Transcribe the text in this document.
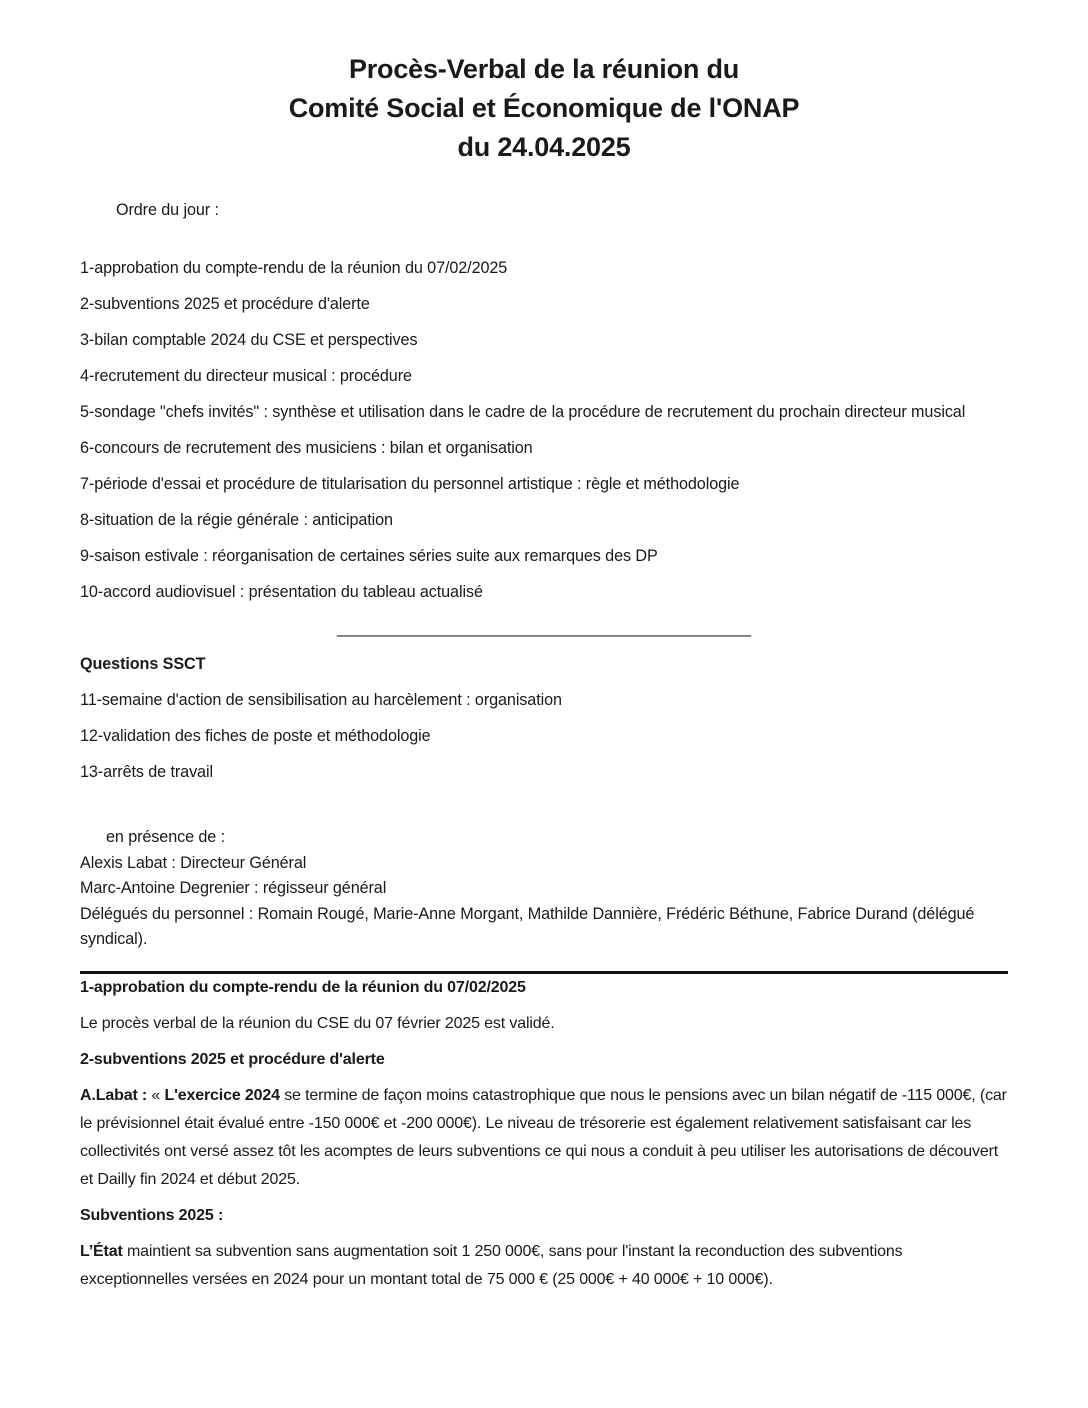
Procès-Verbal de la réunion du
Comité Social et Économique de l'ONAP
du 24.04.2025

Ordre du jour :

1-approbation du compte-rendu de la réunion du 07/02/2025

2-subventions 2025 et procédure d'alerte

3-bilan comptable 2024 du CSE et perspectives

4-recrutement du directeur musical : procédure

5-sondage "chefs invités" : synthèse et utilisation dans le cadre de la procédure de recrutement du prochain directeur musical

6-concours de recrutement des musiciens : bilan et organisation

7-période d'essai et procédure de titularisation du personnel artistique : règle et méthodologie

8-situation de la régie générale : anticipation

9-saison estivale : réorganisation de certaines séries suite aux remarques des DP

10-accord audiovisuel : présentation du tableau actualisé

______________________________________________

Questions SSCT

11-semaine d'action de sensibilisation au harcèlement : organisation

12-validation des fiches de poste et méthodologie

13-arrêts de travail

en présence de :

Alexis Labat : Directeur Général

Marc-Antoine Degrenier : régisseur général

Délégués du personnel : Romain Rougé, Marie-Anne Morgant, Mathilde Dannière, Frédéric Béthune, Fabrice Durand (délégué syndical).

1-approbation du compte-rendu de la réunion du 07/02/2025

Le procès verbal de la réunion du CSE du 07 février 2025 est validé.

2-subventions 2025 et procédure d'alerte

A.Labat : « L'exercice 2024 se termine de façon moins catastrophique que nous le pensions avec un bilan négatif de -115 000€, (car le prévisionnel était évalué entre -150 000€ et -200 000€). Le niveau de trésorerie est également relativement satisfaisant car les collectivités ont versé assez tôt les acomptes de leurs subventions ce qui nous a conduit à peu utiliser les autorisations de découvert et Dailly fin 2024 et début 2025.

Subventions 2025 :

L’État maintient sa subvention sans augmentation soit 1 250 000€, sans pour l'instant la reconduction des subventions exceptionnelles versées en 2024 pour un montant total de 75 000 € (25 000€ + 40 000€ + 10 000€).
